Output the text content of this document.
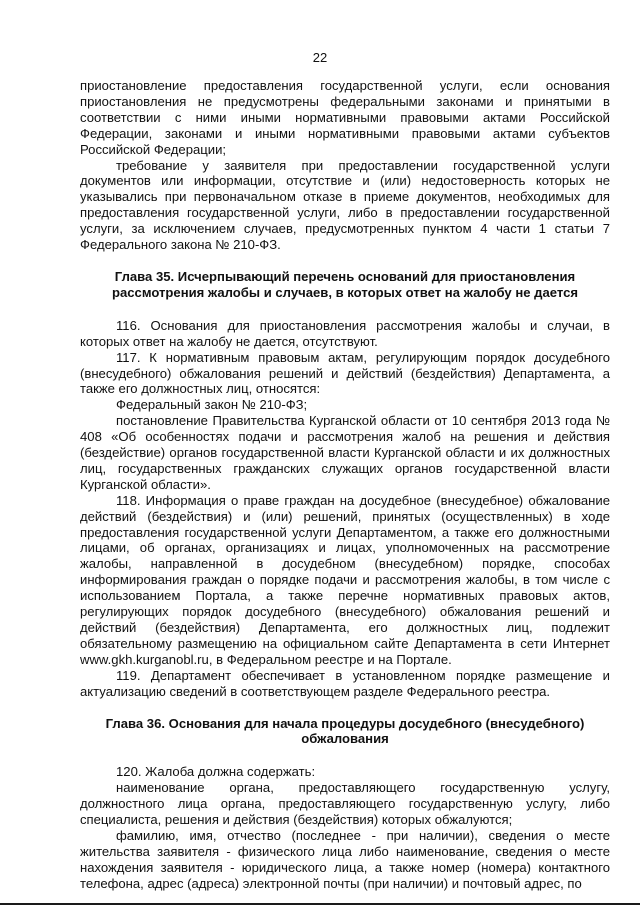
22

приостановление предоставления государственной услуги, если основания приостановления не предусмотрены федеральными законами и принятыми в соответствии с ними иными нормативными правовыми актами Российской Федерации, законами и иными нормативными правовыми актами субъектов Российской Федерации;

требование у заявителя при предоставлении государственной услуги документов или информации, отсутствие и (или) недостоверность которых не указывались при первоначальном отказе в приеме документов, необходимых для предоставления государственной услуги, либо в предоставлении государственной услуги, за исключением случаев, предусмотренных пунктом 4 части 1 статьи 7 Федерального закона № 210-ФЗ.

Глава 35. Исчерпывающий перечень оснований для приостановления рассмотрения жалобы и случаев, в которых ответ на жалобу не дается

116. Основания для приостановления рассмотрения жалобы и случаи, в которых ответ на жалобу не дается, отсутствуют.

117. К нормативным правовым актам, регулирующим порядок досудебного (внесудебного) обжалования решений и действий (бездействия) Департамента, а также его должностных лиц, относятся:

Федеральный закон № 210-ФЗ;

постановление Правительства Курганской области от 10 сентября 2013 года № 408 «Об особенностях подачи и рассмотрения жалоб на решения и действия (бездействие) органов государственной власти Курганской области и их должностных лиц, государственных гражданских служащих органов государственной власти Курганской области».

118. Информация о праве граждан на досудебное (внесудебное) обжалование действий (бездействия) и (или) решений, принятых (осуществленных) в ходе предоставления государственной услуги Департаментом, а также его должностными лицами, об органах, организациях и лицах, уполномоченных на рассмотрение жалобы, направленной в досудебном (внесудебном) порядке, способах информирования граждан о порядке подачи и рассмотрения жалобы, в том числе с использованием Портала, а также перечне нормативных правовых актов, регулирующих порядок досудебного (внесудебного) обжалования решений и действий (бездействия) Департамента, его должностных лиц, подлежит обязательному размещению на официальном сайте Департамента в сети Интернет www.gkh.kurganobl.ru, в Федеральном реестре и на Портале.

119. Департамент обеспечивает в установленном порядке размещение и актуализацию сведений в соответствующем разделе Федерального реестра.

Глава 36. Основания для начала процедуры досудебного (внесудебного) обжалования

120. Жалоба должна содержать:

наименование органа, предоставляющего государственную услугу, должностного лица органа, предоставляющего государственную услугу, либо специалиста, решения и действия (бездействия) которых обжалуются;

фамилию, имя, отчество (последнее - при наличии), сведения о месте жительства заявителя - физического лица либо наименование, сведения о месте нахождения заявителя - юридического лица, а также номер (номера) контактного телефона, адрес (адреса) электронной почты (при наличии) и почтовый адрес, по
